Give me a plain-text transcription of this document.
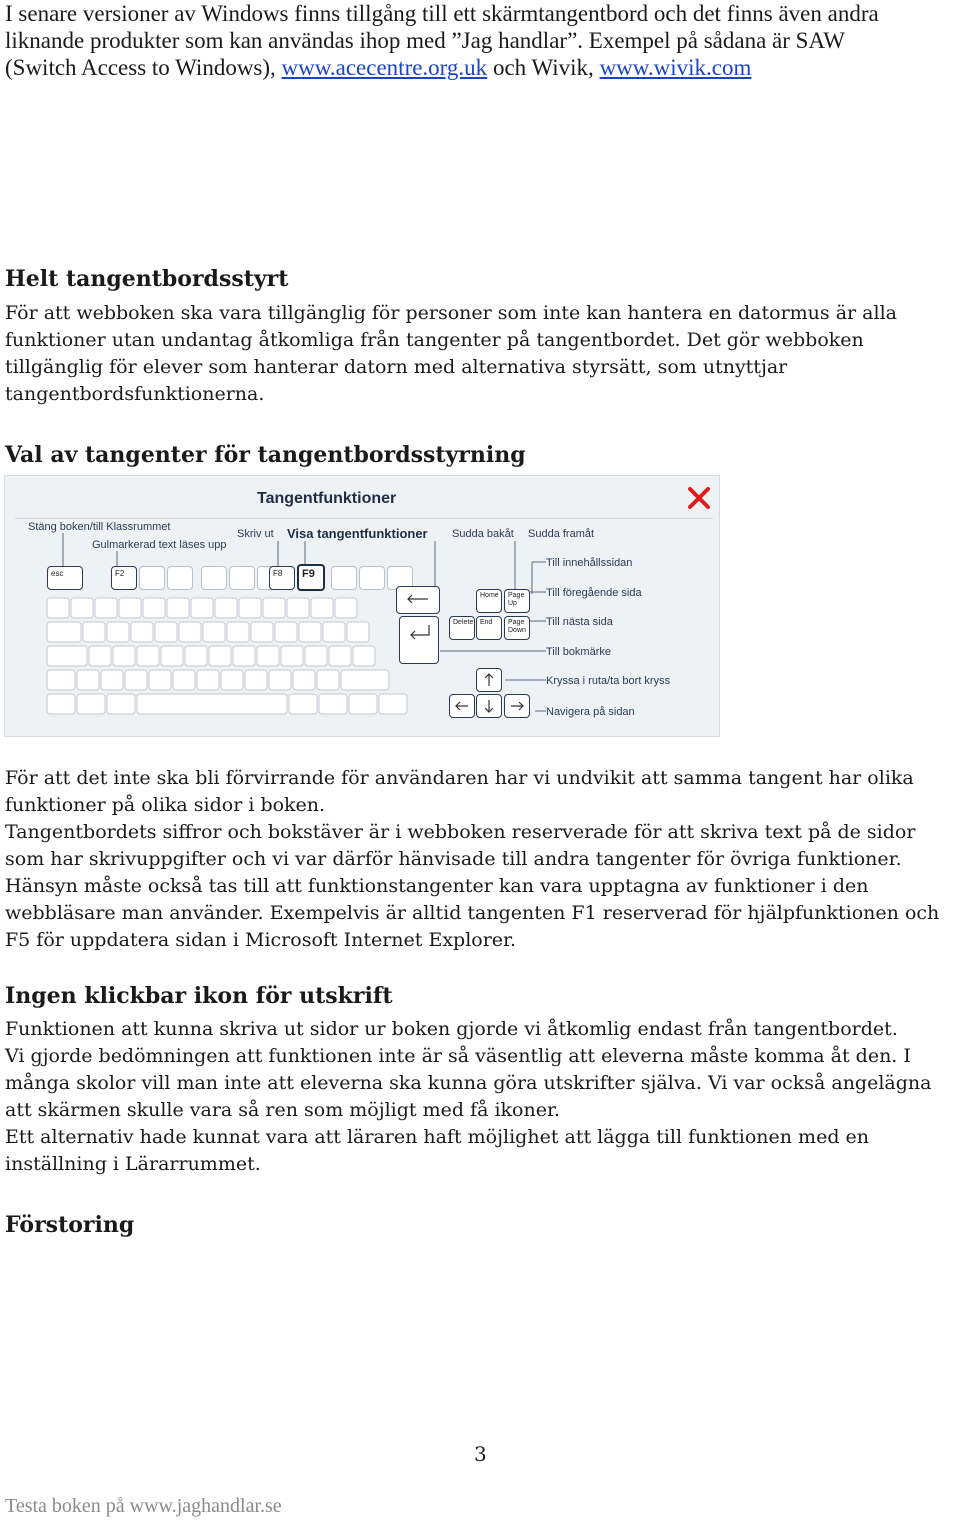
I senare versioner av Windows finns tillgång till ett skärmtangentbord och det finns även andra
liknande produkter som kan användas ihop med ”Jag handlar”. Exempel på sådana är SAW
(Switch Access to Windows), www.acecentre.org.uk och Wivik, www.wivik.com
Helt tangentbordsstyrt

För att webboken ska vara tillgänglig för personer som inte kan hantera en datormus är alla funktioner utan undantag åtkomliga från tangenter på tangentbordet. Det gör webboken tillgänglig för elever som hanterar datorn med alternativa styrsätt, som utnyttjar tangentbordsfunktionerna.

Val av tangenter för tangentbordsstyrning
Tangentfunktioner
Stäng boken/till Klassrummet
Gulmarkerad text läses upp
Skriv ut Visa tangentfunktioner Sudda bakåt Sudda framåt
Till innehållssidan
Till föregående sida
Till nästa sida
Till bokmärke
Kryssa i ruta/ta bort kryss
Navigera på sidan
esc	F2	F8	F9
Home	Page Up
Delete End	Page Down

För att det inte ska bli förvirrande för användaren har vi undvikit att samma tangent har olika funktioner på olika sidor i boken.

Tangentbordets siffror och bokstäver är i webboken reserverade för att skriva text på de sidor som har skrivuppgifter och vi var därför hänvisade till andra tangenter för övriga funktioner.

Hänsyn måste också tas till att funktionstangenter kan vara upptagna av funktioner i den webbläsare man använder. Exempelvis är alltid tangenten F1 reserverad för hjälpfunktionen och F5 för uppdatera sidan i Microsoft Internet Explorer.

Ingen klickbar ikon för utskrift

Funktionen att kunna skriva ut sidor ur boken gjorde vi åtkomlig endast från tangentbordet.

Vi gjorde bedömningen att funktionen inte är så väsentlig att eleverna måste komma åt den. I många skolor vill man inte att eleverna ska kunna göra utskrifter själva. Vi var också angelägna att skärmen skulle vara så ren som möjligt med få ikoner.

Ett alternativ hade kunnat vara att läraren haft möjlighet att lägga till funktionen med en inställning i Lärarrummet.

Förstoring
3
Testa boken på www.jaghandlar.se
